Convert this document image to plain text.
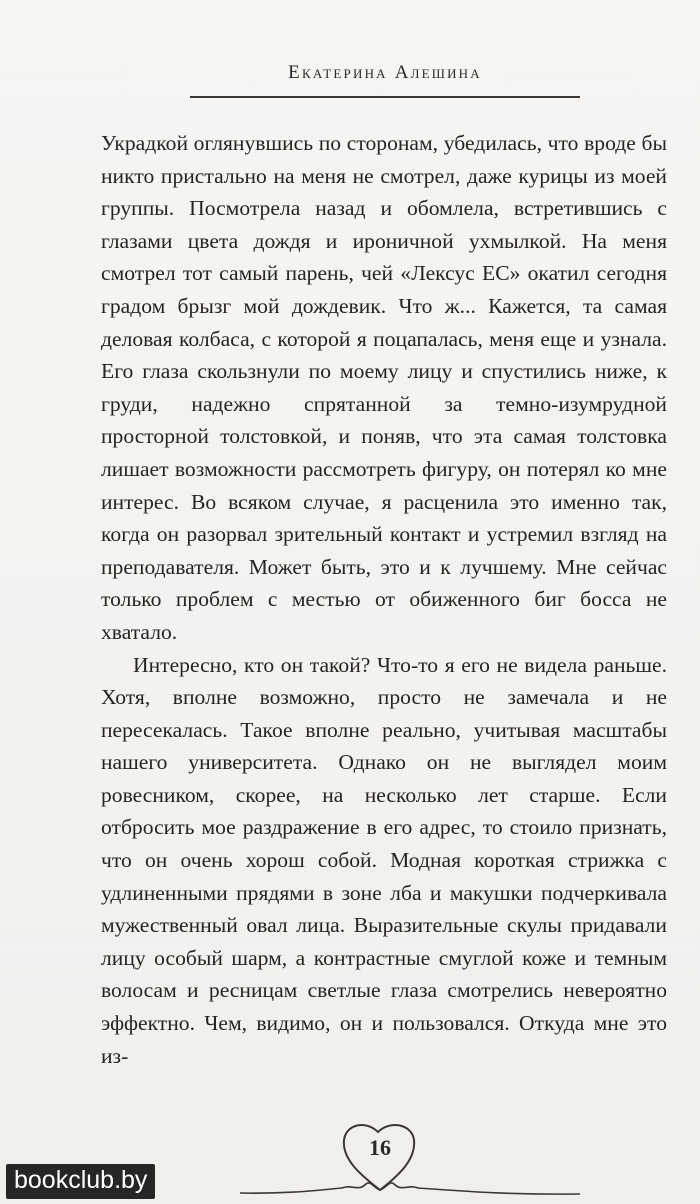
Екатерина Алешина

Украдкой оглянувшись по сторонам, убедилась, что вроде бы никто пристально на меня не смотрел, даже курицы из моей группы. Посмотрела назад и обомлела, встретившись с глазами цвета дождя и ироничной ухмылкой. На меня смотрел тот самый парень, чей «Лексус ЕС» окатил сегодня градом брызг мой дождевик. Что ж... Кажется, та самая деловая колбаса, с которой я поцапалась, меня еще и узнала. Его глаза скользнули по моему лицу и спустились ниже, к груди, надежно спрятанной за темно-изумрудной просторной толстовкой, и поняв, что эта самая толстовка лишает возможности рассмотреть фигуру, он потерял ко мне интерес. Во всяком случае, я расценила это именно так, когда он разорвал зрительный контакт и устремил взгляд на преподавателя. Может быть, это и к лучшему. Мне сейчас только проблем с местью от обиженного биг босса не хватало.

Интересно, кто он такой? Что-то я его не видела раньше. Хотя, вполне возможно, просто не замечала и не пересекалась. Такое вполне реально, учитывая масштабы нашего университета. Однако он не выглядел моим ровесником, скорее, на несколько лет старше. Если отбросить мое раздражение в его адрес, то стоило признать, что он очень хорош собой. Модная короткая стрижка с удлиненными прядями в зоне лба и макушки подчеркивала мужественный овал лица. Выразительные скулы придавали лицу особый шарм, а контрастные смуглой коже и темным волосам и ресницам светлые глаза смотрелись невероятно эффектно. Чем, видимо, он и пользовался. Откуда мне это из-

16
bookclub.by
